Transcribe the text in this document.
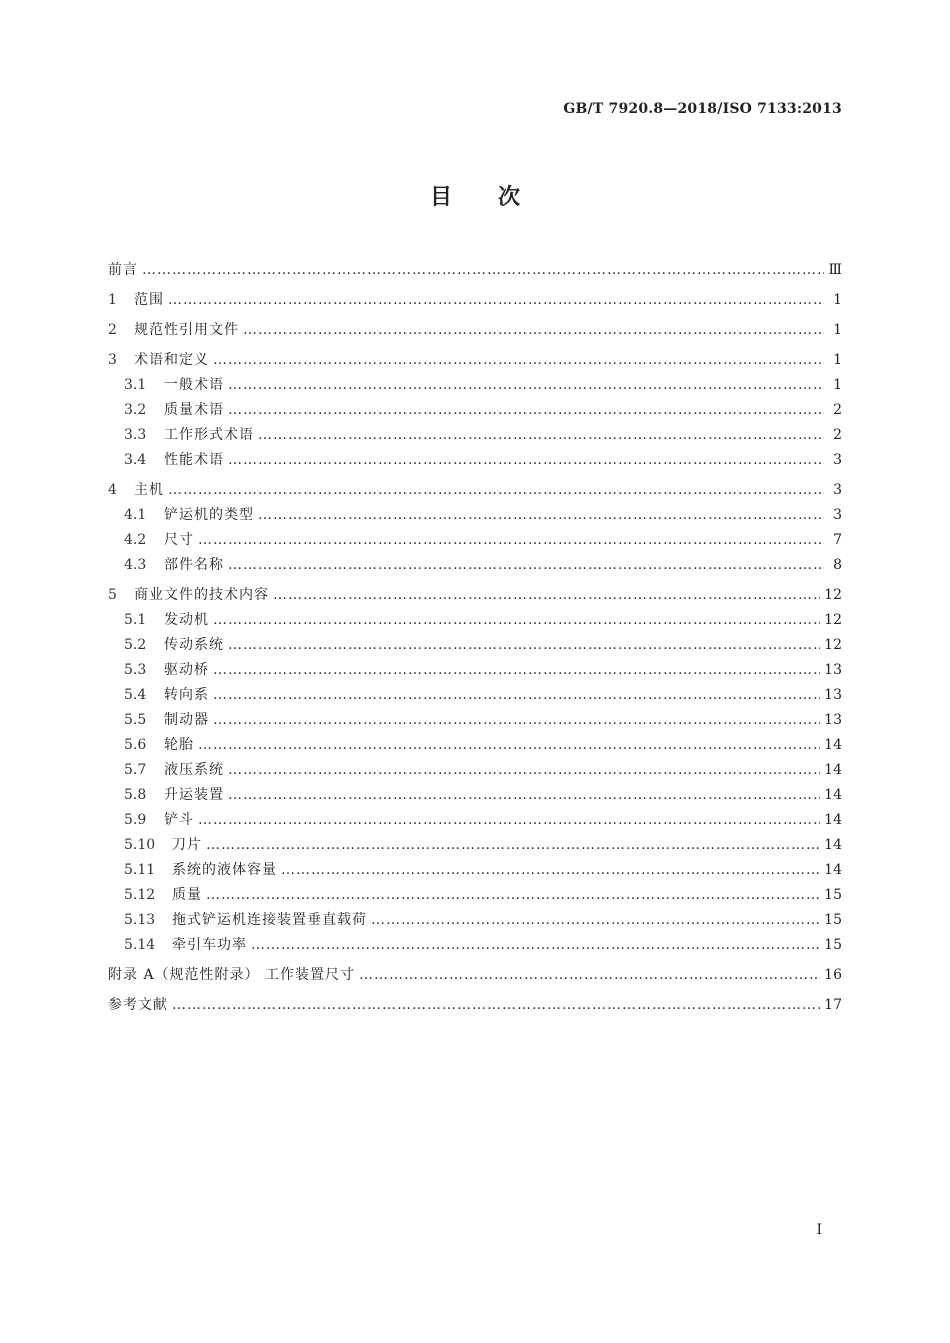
GB/T 7920.8—2018/ISO 7133:2013
目次
前言 …………………………………………………………………………………………………………………………………………………………………………………………………………………………………………………	Ⅲ
1	范围 …………………………………………………………………………………………………………………………………………………………………………………………………………………………………………………	1
2	规范性引用文件 …………………………………………………………………………………………………………………………………………………………………………………………………………………………………………………	1
3	术语和定义 …………………………………………………………………………………………………………………………………………………………………………………………………………………………………………………	1
3.1	一般术语 …………………………………………………………………………………………………………………………………………………………………………………………………………………………………………………	1
3.2	质量术语 …………………………………………………………………………………………………………………………………………………………………………………………………………………………………………………	2
3.3	工作形式术语 …………………………………………………………………………………………………………………………………………………………………………………………………………………………………………………	2
3.4	性能术语 …………………………………………………………………………………………………………………………………………………………………………………………………………………………………………………	3
4	主机 …………………………………………………………………………………………………………………………………………………………………………………………………………………………………………………	3
4.1	铲运机的类型 …………………………………………………………………………………………………………………………………………………………………………………………………………………………………………………	3
4.2	尺寸 …………………………………………………………………………………………………………………………………………………………………………………………………………………………………………………	7
4.3	部件名称 …………………………………………………………………………………………………………………………………………………………………………………………………………………………………………………	8
5	商业文件的技术内容 …………………………………………………………………………………………………………………………………………………………………………………………………………………………………………………	12
5.1	发动机 …………………………………………………………………………………………………………………………………………………………………………………………………………………………………………………	12
5.2	传动系统 …………………………………………………………………………………………………………………………………………………………………………………………………………………………………………………	12
5.3	驱动桥 …………………………………………………………………………………………………………………………………………………………………………………………………………………………………………………	13
5.4	转向系 …………………………………………………………………………………………………………………………………………………………………………………………………………………………………………………	13
5.5	制动器 …………………………………………………………………………………………………………………………………………………………………………………………………………………………………………………	13
5.6	轮胎 …………………………………………………………………………………………………………………………………………………………………………………………………………………………………………………	14
5.7	液压系统 …………………………………………………………………………………………………………………………………………………………………………………………………………………………………………………	14
5.8	升运装置 …………………………………………………………………………………………………………………………………………………………………………………………………………………………………………………	14
5.9	铲斗 …………………………………………………………………………………………………………………………………………………………………………………………………………………………………………………	14
5.10	刀片 …………………………………………………………………………………………………………………………………………………………………………………………………………………………………………………	14
5.11	系统的液体容量 …………………………………………………………………………………………………………………………………………………………………………………………………………………………………………………	14
5.12	质量 …………………………………………………………………………………………………………………………………………………………………………………………………………………………………………………	15
5.13	拖式铲运机连接装置垂直载荷 …………………………………………………………………………………………………………………………………………………………………………………………………………………………………………………	15
5.14	牵引车功率 …………………………………………………………………………………………………………………………………………………………………………………………………………………………………………………	15
附录 A（规范性附录） 工作装置尺寸 …………………………………………………………………………………………………………………………………………………………………………………………………………………………………………………	16
参考文献 …………………………………………………………………………………………………………………………………………………………………………………………………………………………………………………	17
Ⅰ
